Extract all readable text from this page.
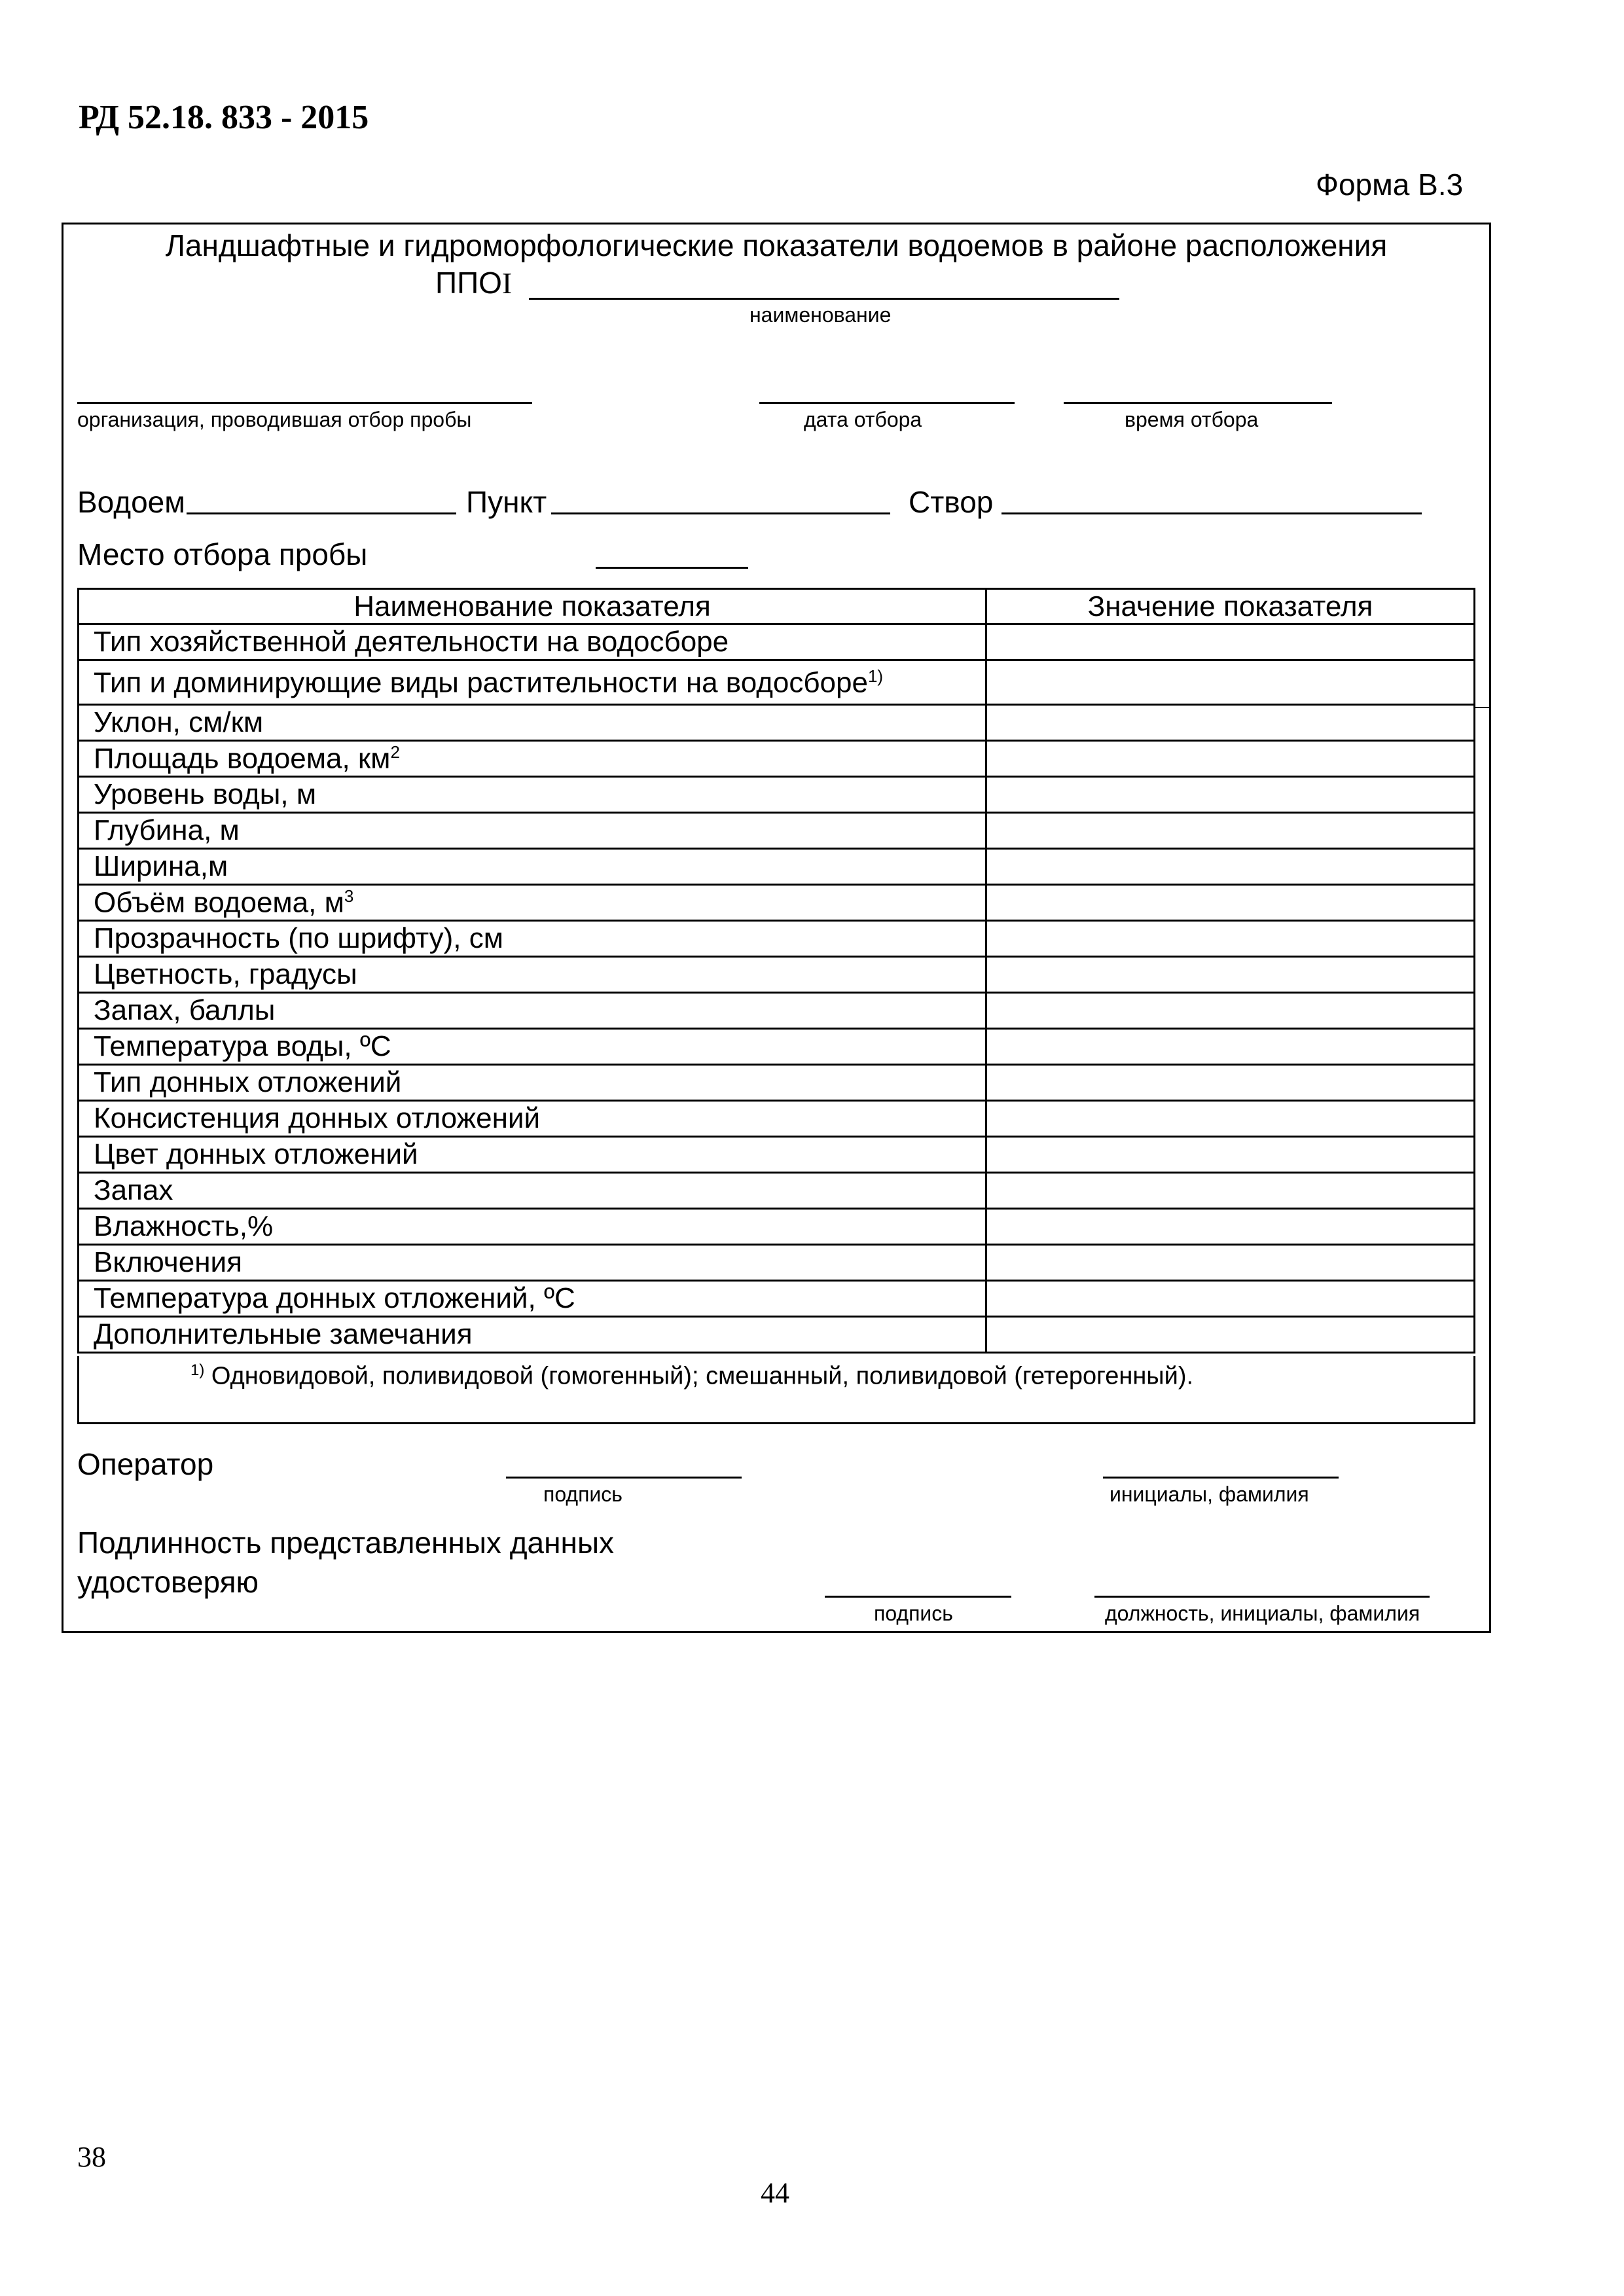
РД 52.18. 833 - 2015
Форма В.3
Ландшафтные и гидроморфологические показатели водоемов в районе расположения
ППОI
наименование
организация, проводившая отбор пробы	дата отбора	время отбора
Водоем	Пункт	Створ
Место отбора пробы
Наименование показателя	Значение показателя
Тип хозяйственной деятельности на водосборе	
Тип и доминирующие виды растительности на водосборе$^{1)}$	
Уклон, см/км	
Площадь водоема, $км^2$	
Уровень воды, м	
Глубина, м	
Ширина,м	
Объём водоема, $м^3$	
Прозрачность (по шрифту), см	
Цветность, градусы	
Запах, баллы	
Температура воды, ºС	
Тип донных отложений	
Консистенция донных отложений	
Цвет донных отложений	
Запах	
Влажность,%	
Включения	
Температура донных отложений, ºС	
Дополнительные замечания	
$^{1)}$ Одновидовой, поливидовой (гомогенный); смешанный, поливидовой (гетерогенный).
Оператор
подпись	инициалы, фамилия
Подлинность представленных данных
удостоверяю
подпись	должность, инициалы, фамилия
38
44
